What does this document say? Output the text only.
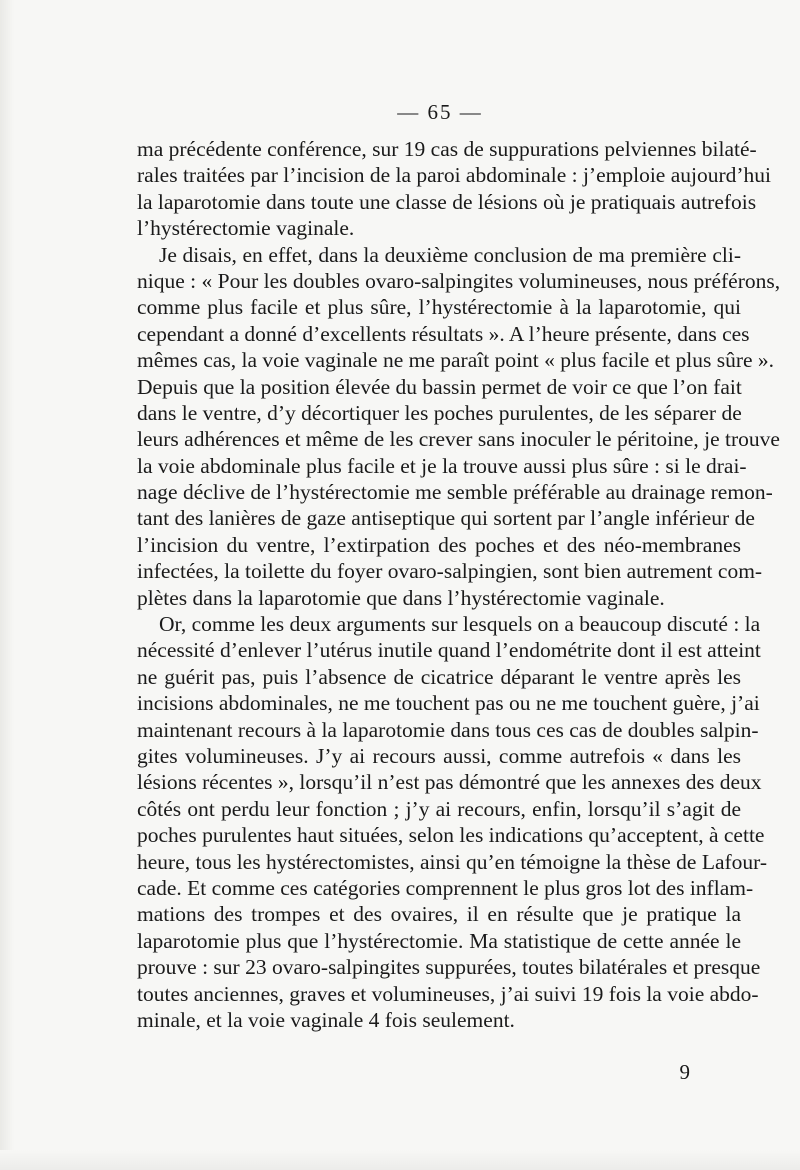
— 65 —
ma précédente conférence, sur 19 cas de suppurations pelviennes bilaté-
rales traitées par l’incision de la paroi abdominale : j’emploie aujourd’hui
la laparotomie dans toute une classe de lésions où je pratiquais autrefois
l’hystérectomie vaginale.
Je disais, en effet, dans la deuxième conclusion de ma première cli-
nique : « Pour les doubles ovaro-salpingites volumineuses, nous préférons,
comme plus facile et plus sûre, l’hystérectomie à la laparotomie, qui
cependant a donné d’excellents résultats ». A l’heure présente, dans ces
mêmes cas, la voie vaginale ne me paraît point « plus facile et plus sûre ».
Depuis que la position élevée du bassin permet de voir ce que l’on fait
dans le ventre, d’y décortiquer les poches purulentes, de les séparer de
leurs adhérences et même de les crever sans inoculer le péritoine, je trouve
la voie abdominale plus facile et je la trouve aussi plus sûre : si le drai-
nage déclive de l’hystérectomie me semble préférable au drainage remon-
tant des lanières de gaze antiseptique qui sortent par l’angle inférieur de
l’incision du ventre, l’extirpation des poches et des néo-membranes
infectées, la toilette du foyer ovaro-salpingien, sont bien autrement com-
plètes dans la laparotomie que dans l’hystérectomie vaginale.
Or, comme les deux arguments sur lesquels on a beaucoup discuté : la
nécessité d’enlever l’utérus inutile quand l’endométrite dont il est atteint
ne guérit pas, puis l’absence de cicatrice déparant le ventre après les
incisions abdominales, ne me touchent pas ou ne me touchent guère, j’ai
maintenant recours à la laparotomie dans tous ces cas de doubles salpin-
gites volumineuses. J’y ai recours aussi, comme autrefois « dans les
lésions récentes », lorsqu’il n’est pas démontré que les annexes des deux
côtés ont perdu leur fonction ; j’y ai recours, enfin, lorsqu’il s’agit de
poches purulentes haut situées, selon les indications qu’acceptent, à cette
heure, tous les hystérectomistes, ainsi qu’en témoigne la thèse de Lafour-
cade. Et comme ces catégories comprennent le plus gros lot des inflam-
mations des trompes et des ovaires, il en résulte que je pratique la
laparotomie plus que l’hystérectomie. Ma statistique de cette année le
prouve : sur 23 ovaro-salpingites suppurées, toutes bilatérales et presque
toutes anciennes, graves et volumineuses, j’ai suivi 19 fois la voie abdo-
minale, et la voie vaginale 4 fois seulement.
9
